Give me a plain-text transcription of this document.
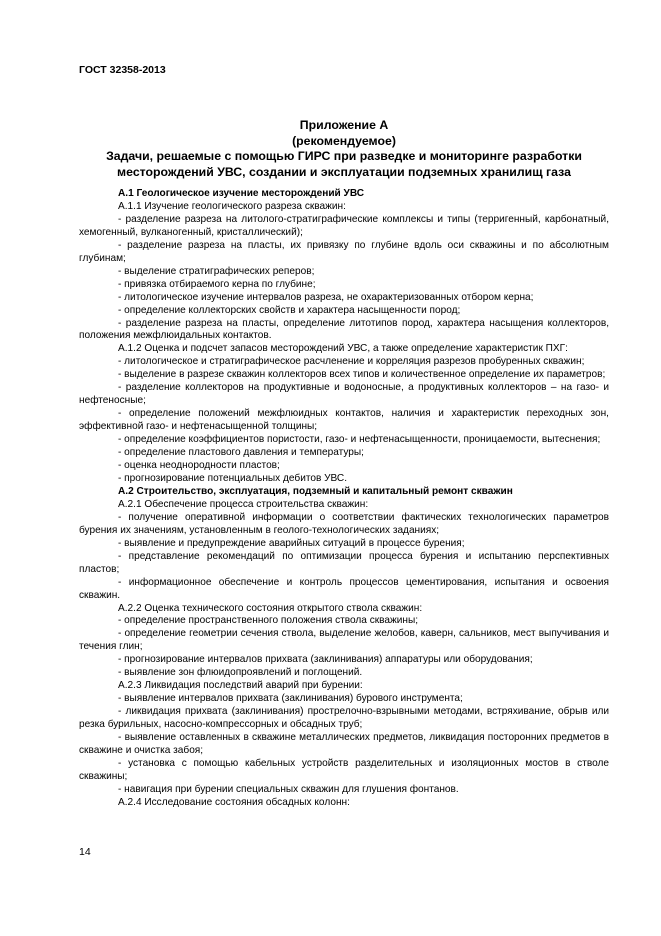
ГОСТ 32358-2013
Приложение А
(рекомендуемое)
Задачи, решаемые с помощью ГИРС при разведке и мониторинге разработки
месторождений УВС, создании и эксплуатации подземных хранилищ газа

А.1 Геологическое изучение месторождений УВС

А.1.1 Изучение геологического разреза скважин:

- разделение разреза на литолого-стратиграфические комплексы и типы (терригенный, карбонатный, хемогенный, вулканогенный, кристаллический);

- разделение разреза на пласты, их привязку по глубине вдоль оси скважины и по абсолютным глубинам;

- выделение стратиграфических реперов;

- привязка отбираемого керна по глубине;

- литологическое изучение интервалов разреза, не охарактеризованных отбором керна;

- определение коллекторских свойств и характера насыщенности пород;

- разделение разреза на пласты, определение литотипов пород, характера насыщения коллекторов, положения межфлюидальных контактов.

А.1.2 Оценка и подсчет запасов месторождений УВС, а также определение характеристик ПХГ:

- литологическое и стратиграфическое расчленение и корреляция разрезов пробуренных скважин;

- выделение в разрезе скважин коллекторов всех типов и количественное определение их параметров;

- разделение коллекторов на продуктивные и водоносные, а продуктивных коллекторов – на газо- и нефтеносные;

- определение положений межфлюидных контактов, наличия и характеристик переходных зон, эффективной газо- и нефтенасыщенной толщины;

- определение коэффициентов пористости, газо- и нефтенасыщенности, проницаемости, вытеснения;

- определение пластового давления и температуры;

- оценка неоднородности пластов;

- прогнозирование потенциальных дебитов УВС.

А.2 Строительство, эксплуатация, подземный и капитальный ремонт скважин

А.2.1 Обеспечение процесса строительства скважин:

- получение оперативной информации о соответствии фактических технологических параметров бурения их значениям, установленным в геолого-технологических заданиях;

- выявление и предупреждение аварийных ситуаций в процессе бурения;

- представление рекомендаций по оптимизации процесса бурения и испытанию перспективных пластов;

- информационное обеспечение и контроль процессов цементирования, испытания и освоения скважин.

А.2.2 Оценка технического состояния открытого ствола скважин:

- определение пространственного положения ствола скважины;

- определение геометрии сечения ствола, выделение желобов, каверн, сальников, мест выпучивания и течения глин;

- прогнозирование интервалов прихвата (заклинивания) аппаратуры или оборудования;

- выявление зон флюидопроявлений и поглощений.

А.2.3 Ликвидация последствий аварий при бурении:

- выявление интервалов прихвата (заклинивания) бурового инструмента;

- ликвидация прихвата (заклинивания) прострелочно-взрывными методами, встряхивание, обрыв или резка бурильных, насосно-компрессорных и обсадных труб;

- выявление оставленных в скважине металлических предметов, ликвидация посторонних предметов в скважине и очистка забоя;

- установка с помощью кабельных устройств разделительных и изоляционных мостов в стволе скважины;

- навигация при бурении специальных скважин для глушения фонтанов.

А.2.4 Исследование состояния обсадных колонн:

14
